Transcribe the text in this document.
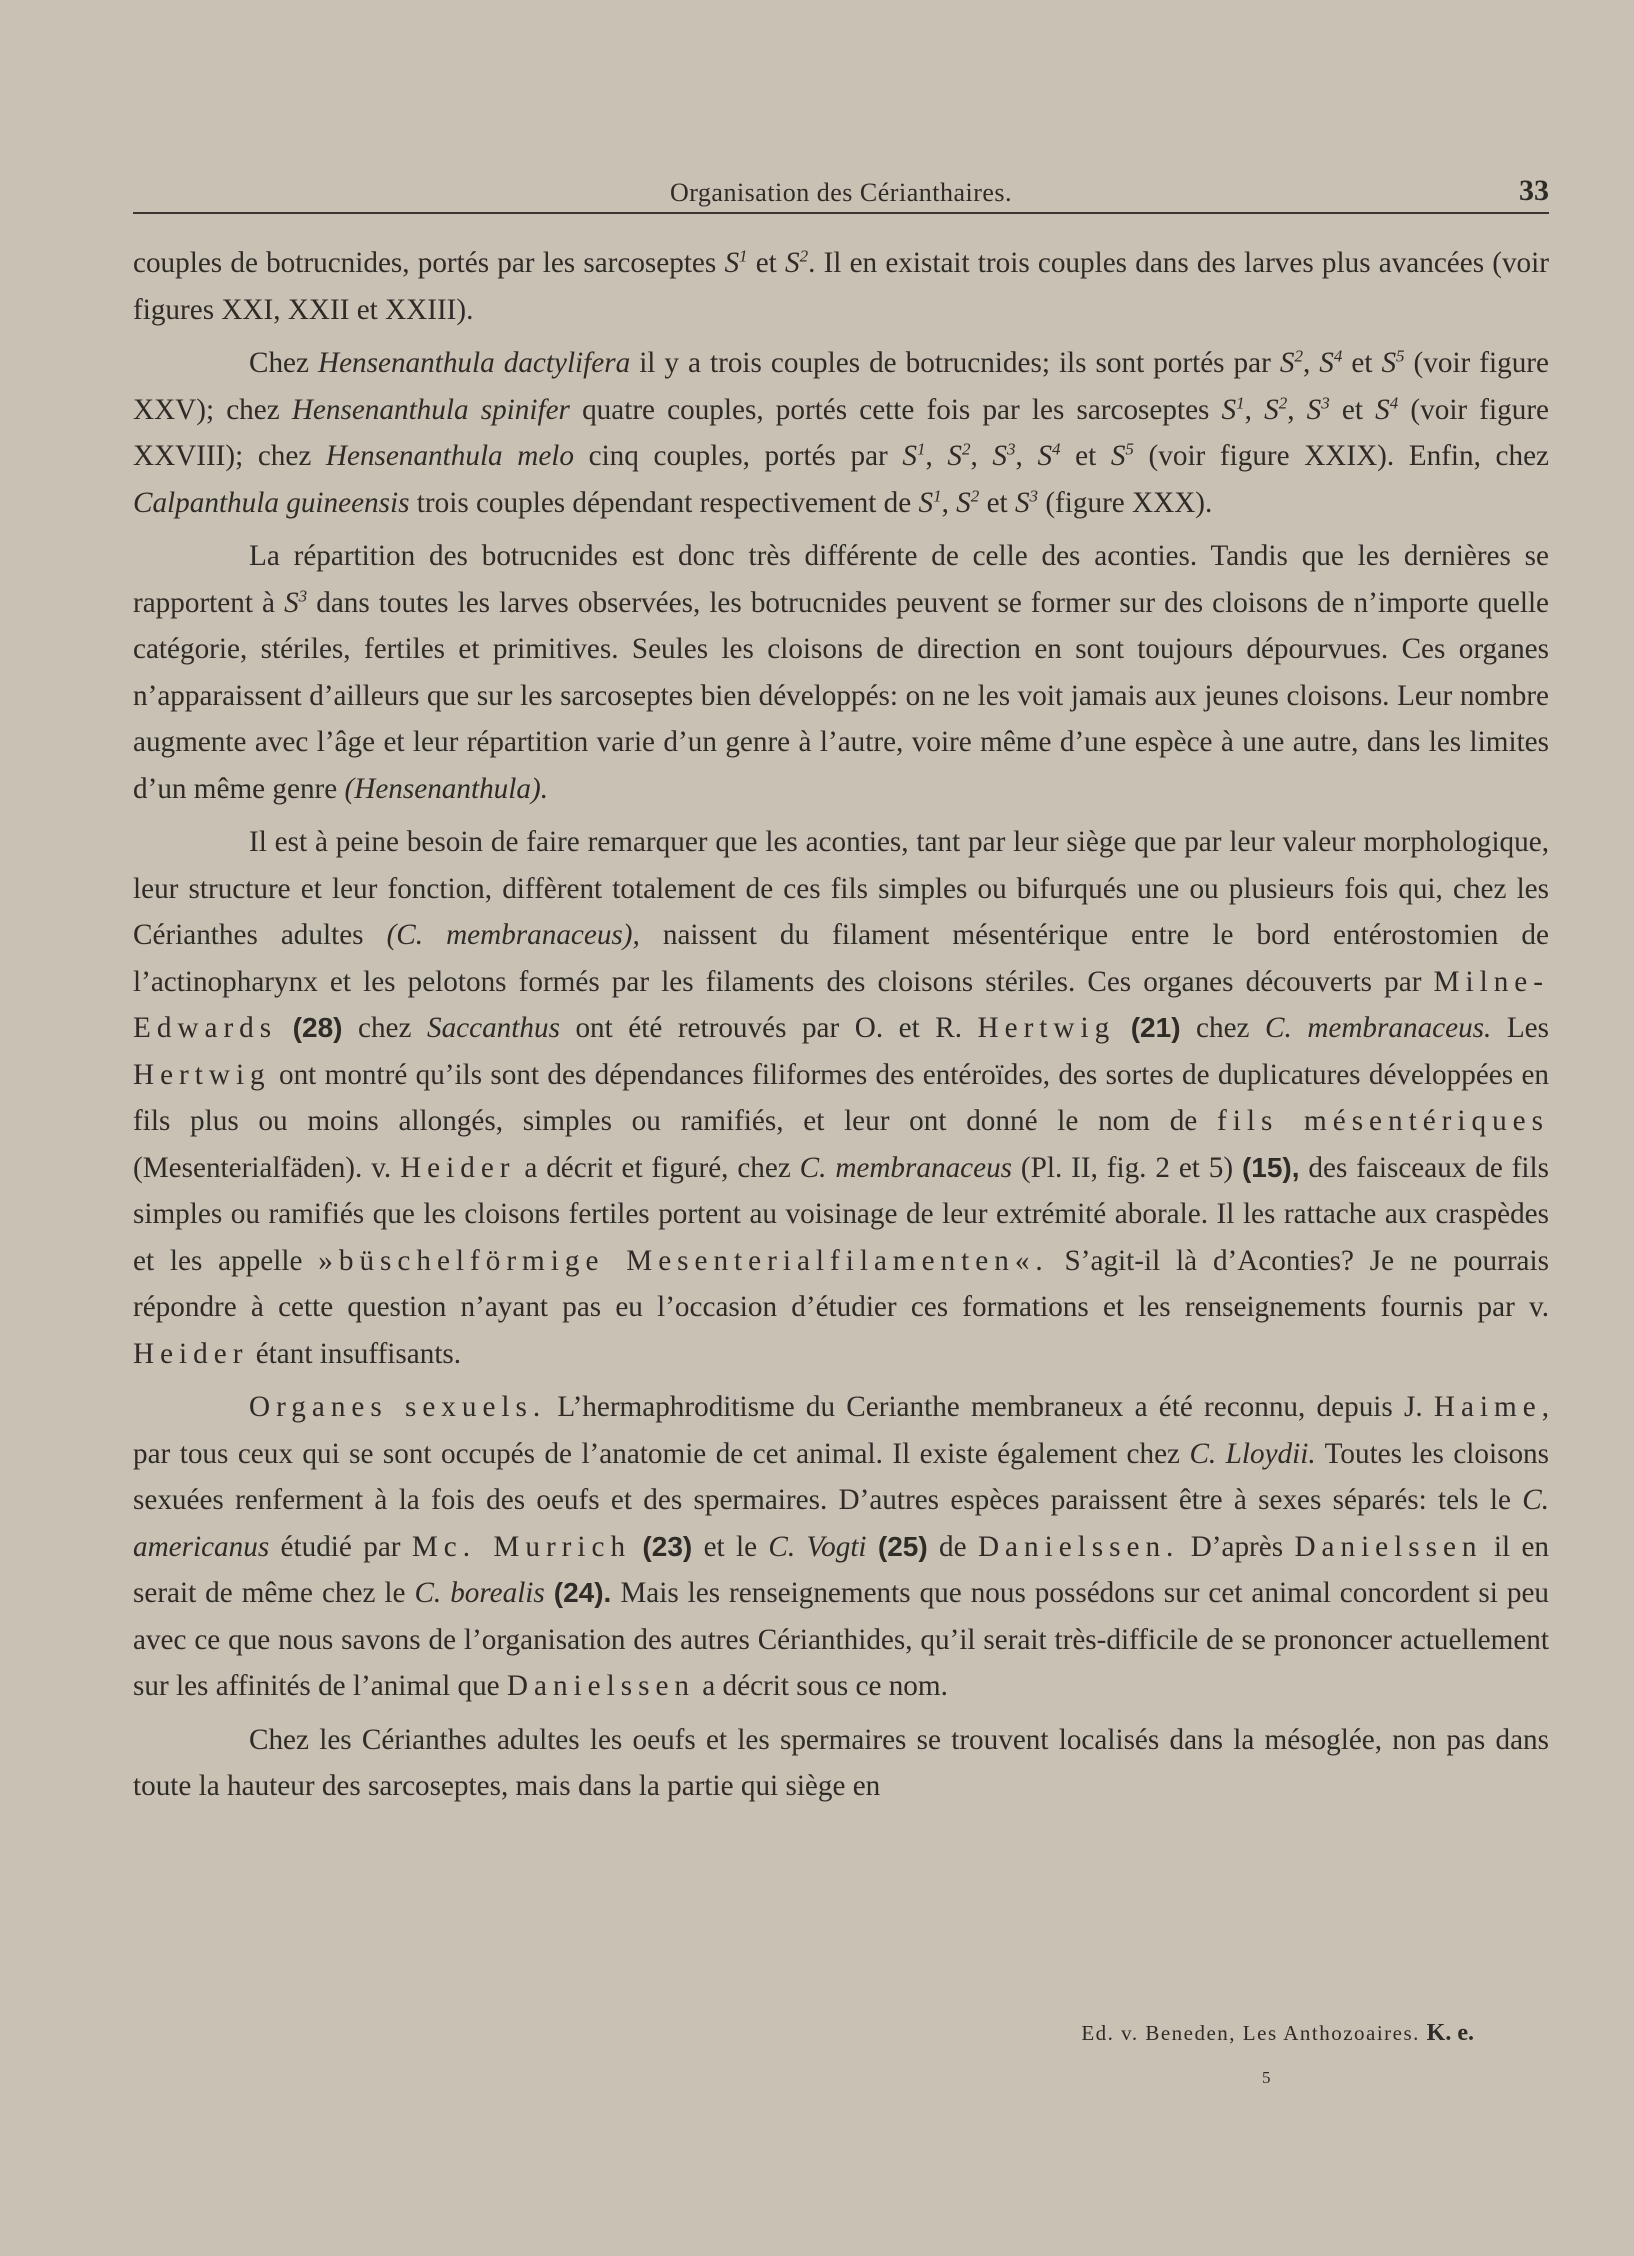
Organisation des Cérianthaires.	33

couples de botrucnides, portés par les sarcoseptes $S^1$ et $S^2$. Il en existait trois couples dans des larves plus avancées (voir figures XXI, XXII et XXIII).

Chez Hensenanthula dactylifera il y a trois couples de botrucnides; ils sont portés par $S^2$, $S^4$ et $S^5$ (voir figure XXV); chez Hensenanthula spinifer quatre couples, portés cette fois par les sarcoseptes $S^1$, $S^2$, $S^3$ et $S^4$ (voir figure XXVIII); chez Hensenanthula melo cinq couples, portés par $S^1$, $S^2$, $S^3$, $S^4$ et $S^5$ (voir figure XXIX). Enfin, chez Calpanthula guineensis trois couples dépendant respectivement de $S^1$, $S^2$ et $S^3$ (figure XXX).

La répartition des botrucnides est donc très différente de celle des aconties. Tandis que les dernières se rapportent à $S^3$ dans toutes les larves observées, les botrucnides peuvent se former sur des cloisons de n’importe quelle catégorie, stériles, fertiles et primitives. Seules les cloisons de direction en sont toujours dépourvues. Ces organes n’apparaissent d’ailleurs que sur les sarcoseptes bien développés: on ne les voit jamais aux jeunes cloisons. Leur nombre augmente avec l’âge et leur répartition varie d’un genre à l’autre, voire même d’une espèce à une autre, dans les limites d’un même genre (Hensenanthula).

Il est à peine besoin de faire remarquer que les aconties, tant par leur siège que par leur valeur morphologique, leur structure et leur fonction, diffèrent totalement de ces fils simples ou bifurqués une ou plusieurs fois qui, chez les Cérianthes adultes (C. membranaceus), naissent du filament mésentérique entre le bord entérostomien de l’actinopharynx et les pelotons formés par les filaments des cloisons stériles. Ces organes découverts par Milne-Edwards (28) chez Saccanthus ont été retrouvés par O. et R. Hertwig (21) chez C. membranaceus. Les Hertwig ont montré qu’ils sont des dépendances filiformes des entéroïdes, des sortes de duplicatures développées en fils plus ou moins allongés, simples ou ramifiés, et leur ont donné le nom de fils mésentériques (Mesenterialfäden). v. Heider a décrit et figuré, chez C. membranaceus (Pl. II, fig. 2 et 5) (15), des faisceaux de fils simples ou ramifiés que les cloisons fertiles portent au voisinage de leur extrémité aborale. Il les rattache aux craspèdes et les appelle »büschelförmige Mesenterialfilamenten«. S’agit-il là d’Aconties? Je ne pourrais répondre à cette question n’ayant pas eu l’occasion d’étudier ces formations et les renseignements fournis par v. Heider étant insuffisants.

Organes sexuels. L’hermaphroditisme du Cerianthe membraneux a été reconnu, depuis J. Haime, par tous ceux qui se sont occupés de l’anatomie de cet animal. Il existe également chez C. Lloydii. Toutes les cloisons sexuées renferment à la fois des oeufs et des spermaires. D’autres espèces paraissent être à sexes séparés: tels le C. americanus étudié par Mc. Murrich (23) et le C. Vogti (25) de Danielssen. D’après Danielssen il en serait de même chez le C. borealis (24). Mais les renseignements que nous possédons sur cet animal concordent si peu avec ce que nous savons de l’organisation des autres Cérianthides, qu’il serait très-difficile de se prononcer actuellement sur les affinités de l’animal que Danielssen a décrit sous ce nom.

Chez les Cérianthes adultes les oeufs et les spermaires se trouvent localisés dans la mésoglée, non pas dans toute la hauteur des sarcoseptes, mais dans la partie qui siège en

Ed. v. Beneden, Les Anthozoaires. K. e.
5
